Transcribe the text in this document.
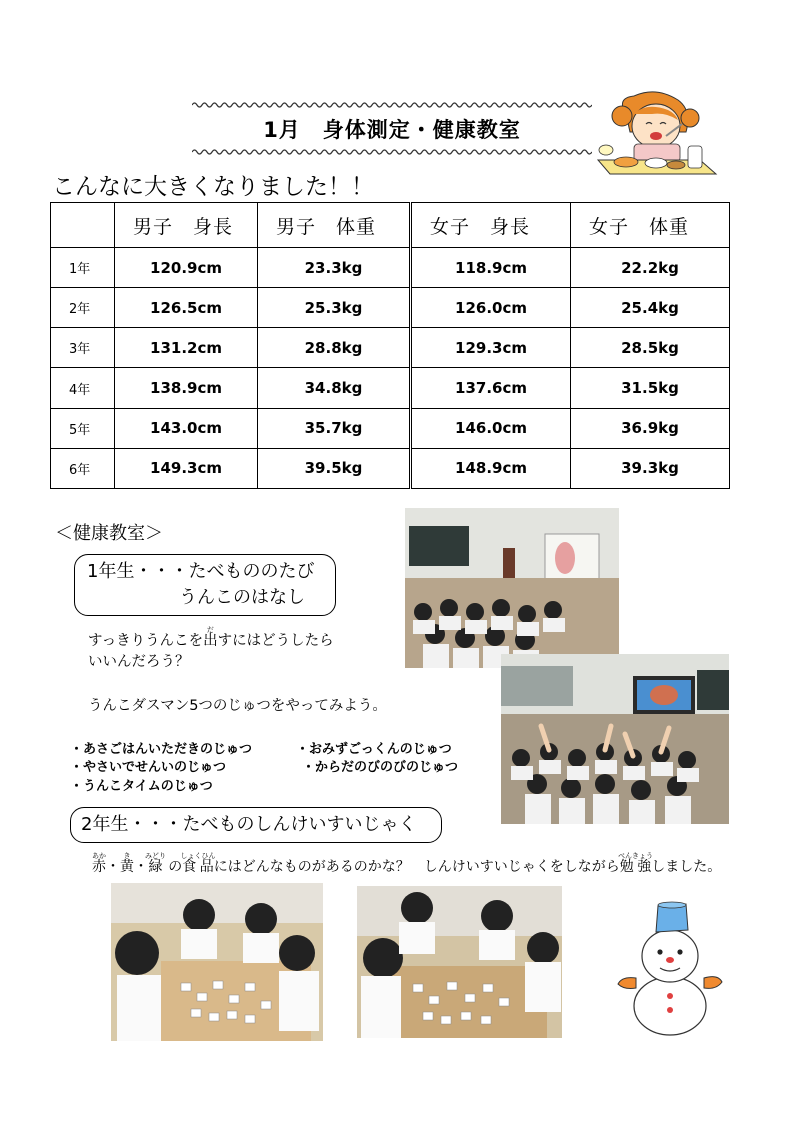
1月　身体測定・健康教室
こんなに大きくなりました！！
	男子　身長	男子　体重	女子　身長	女子　体重
1年	120.9cm	23.3kg	118.9cm	22.2kg
2年	126.5cm	25.3kg	126.0cm	25.4kg
3年	131.2cm	28.8kg	129.3cm	28.5kg
4年	138.9cm	34.8kg	137.6cm	31.5kg
5年	143.0cm	35.7kg	146.0cm	36.9kg
6年	149.3cm	39.5kg	148.9cm	39.3kg
＜健康教室＞
1年生・・・たべもののたび
うんこのはなし
すっきりうんこを出だすにはどうしたら
いいんだろう？
うんこダスマン5つのじゅつをやってみよう。
・あさごはんいただきのじゅつ	・おみずごっくんのじゅつ
・やさいでせんいのじゅつ	・からだのびのびのじゅつ
・うんこタイムのじゅつ
2年生・・・たべものしんけいすいじゃく
赤あか・黄き・緑みどり の食品しょくひんにはどんなものがあるのかな？　しんけいすいじゃくをしながら勉強べんきょうしました。
